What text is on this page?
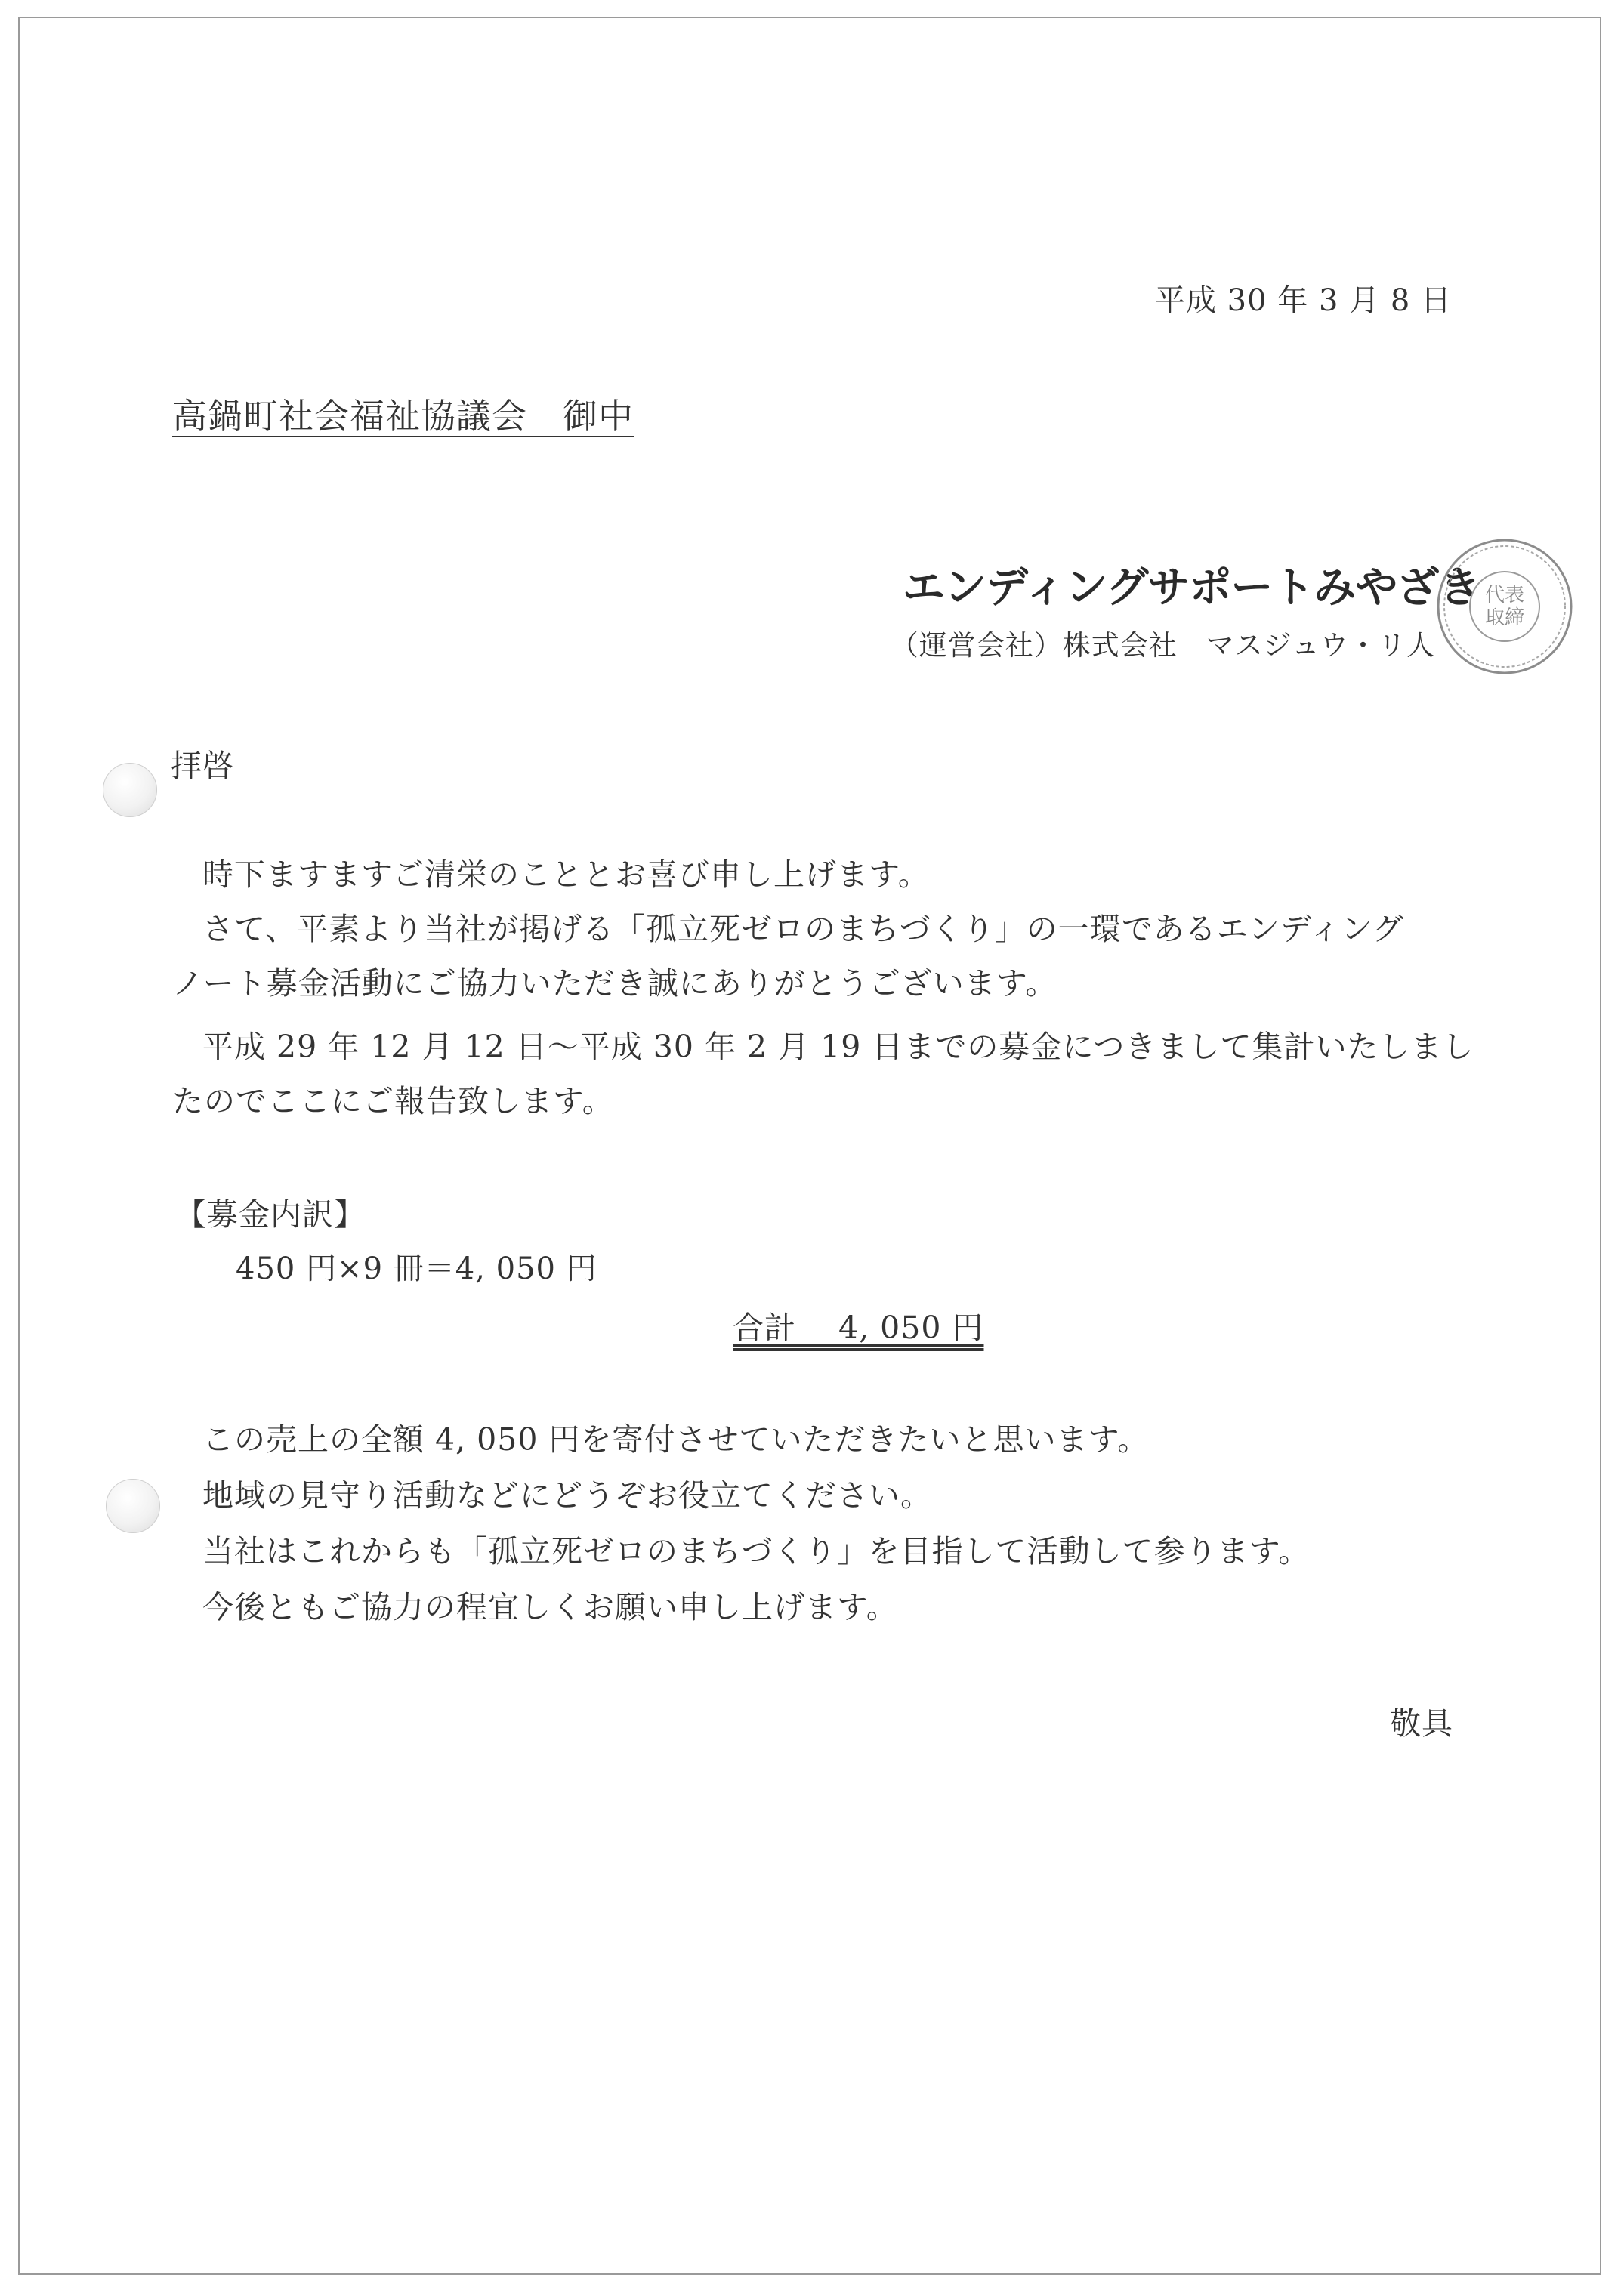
平成 30 年 3 月 8 日
高鍋町社会福祉協議会　御中
エンディングサポートみやざき
（運営会社）株式会社　マスジュウ・リ人
代表
取締
拝啓
時下ますますご清栄のこととお喜び申し上げます。
さて、平素より当社が掲げる「孤立死ゼロのまちづくり」の一環であるエンディング
ノート募金活動にご協力いただき誠にありがとうございます。
平成 29 年 12 月 12 日～平成 30 年 2 月 19 日までの募金につきまして集計いたしまし
たのでここにご報告致します。
【募金内訳】
450 円×9 冊＝4, 050 円
合計　 4, 050 円
この売上の全額 4, 050 円を寄付させていただきたいと思います。
地域の見守り活動などにどうぞお役立てください。
当社はこれからも「孤立死ゼロのまちづくり」を目指して活動して参ります。
今後ともご協力の程宜しくお願い申し上げます。
敬具
